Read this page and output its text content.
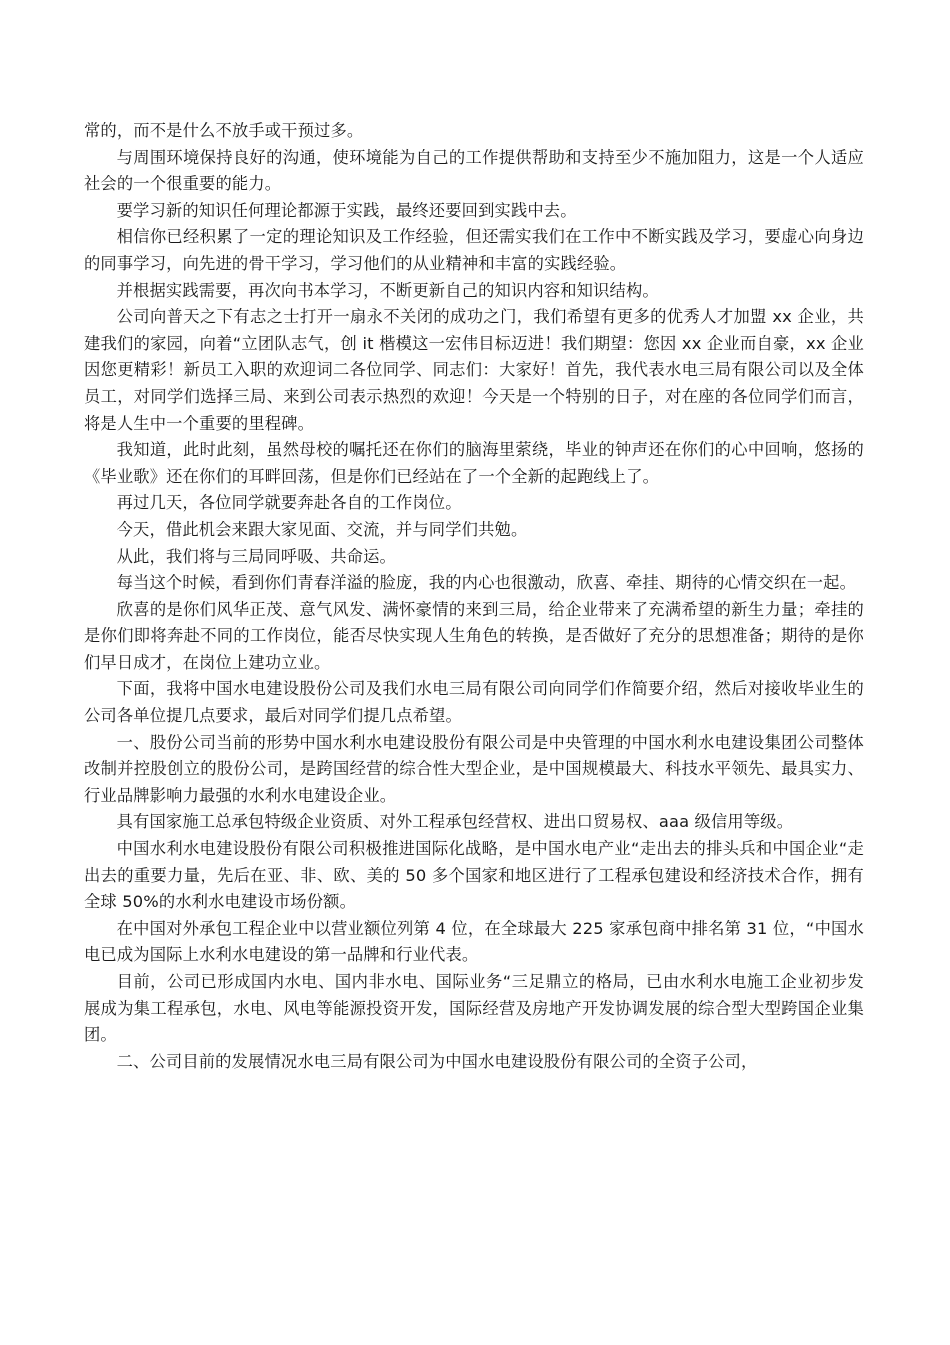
常的，而不是什么不放手或干预过多。

与周围环境保持良好的沟通，使环境能为自己的工作提供帮助和支持至少不施加阻力，这是一个人适应社会的一个很重要的能力。

要学习新的知识任何理论都源于实践，最终还要回到实践中去。

相信你已经积累了一定的理论知识及工作经验，但还需实我们在工作中不断实践及学习，要虚心向身边的同事学习，向先进的骨干学习，学习他们的从业精神和丰富的实践经验。

并根据实践需要，再次向书本学习，不断更新自己的知识内容和知识结构。

公司向普天之下有志之士打开一扇永不关闭的成功之门，我们希望有更多的优秀人才加盟 xx 企业，共建我们的家园，向着“立团队志气，创 it 楷模这一宏伟目标迈进！我们期望：您因 xx 企业而自豪，xx 企业因您更精彩！新员工入职的欢迎词二各位同学、同志们：大家好！首先，我代表水电三局有限公司以及全体员工，对同学们选择三局、来到公司表示热烈的欢迎！今天是一个特别的日子，对在座的各位同学们而言，将是人生中一个重要的里程碑。

我知道，此时此刻，虽然母校的嘱托还在你们的脑海里萦绕，毕业的钟声还在你们的心中回响，悠扬的《毕业歌》还在你们的耳畔回荡，但是你们已经站在了一个全新的起跑线上了。

再过几天，各位同学就要奔赴各自的工作岗位。

今天，借此机会来跟大家见面、交流，并与同学们共勉。

从此，我们将与三局同呼吸、共命运。

每当这个时候，看到你们青春洋溢的脸庞，我的内心也很激动，欣喜、牵挂、期待的心情交织在一起。

欣喜的是你们风华正茂、意气风发、满怀豪情的来到三局，给企业带来了充满希望的新生力量；牵挂的是你们即将奔赴不同的工作岗位，能否尽快实现人生角色的转换，是否做好了充分的思想准备；期待的是你们早日成才，在岗位上建功立业。

下面，我将中国水电建设股份公司及我们水电三局有限公司向同学们作简要介绍，然后对接收毕业生的公司各单位提几点要求，最后对同学们提几点希望。

一、股份公司当前的形势中国水利水电建设股份有限公司是中央管理的中国水利水电建设集团公司整体改制并控股创立的股份公司，是跨国经营的综合性大型企业，是中国规模最大、科技水平领先、最具实力、行业品牌影响力最强的水利水电建设企业。

具有国家施工总承包特级企业资质、对外工程承包经营权、进出口贸易权、aaa 级信用等级。

中国水利水电建设股份有限公司积极推进国际化战略，是中国水电产业“走出去的排头兵和中国企业“走出去的重要力量，先后在亚、非、欧、美的 50 多个国家和地区进行了工程承包建设和经济技术合作，拥有全球 50%的水利水电建设市场份额。

在中国对外承包工程企业中以营业额位列第 4 位，在全球最大 225 家承包商中排名第 31 位，“中国水电已成为国际上水利水电建设的第一品牌和行业代表。

目前，公司已形成国内水电、国内非水电、国际业务“三足鼎立的格局，已由水利水电施工企业初步发展成为集工程承包，水电、风电等能源投资开发，国际经营及房地产开发协调发展的综合型大型跨国企业集团。

二、公司目前的发展情况水电三局有限公司为中国水电建设股份有限公司的全资子公司，
